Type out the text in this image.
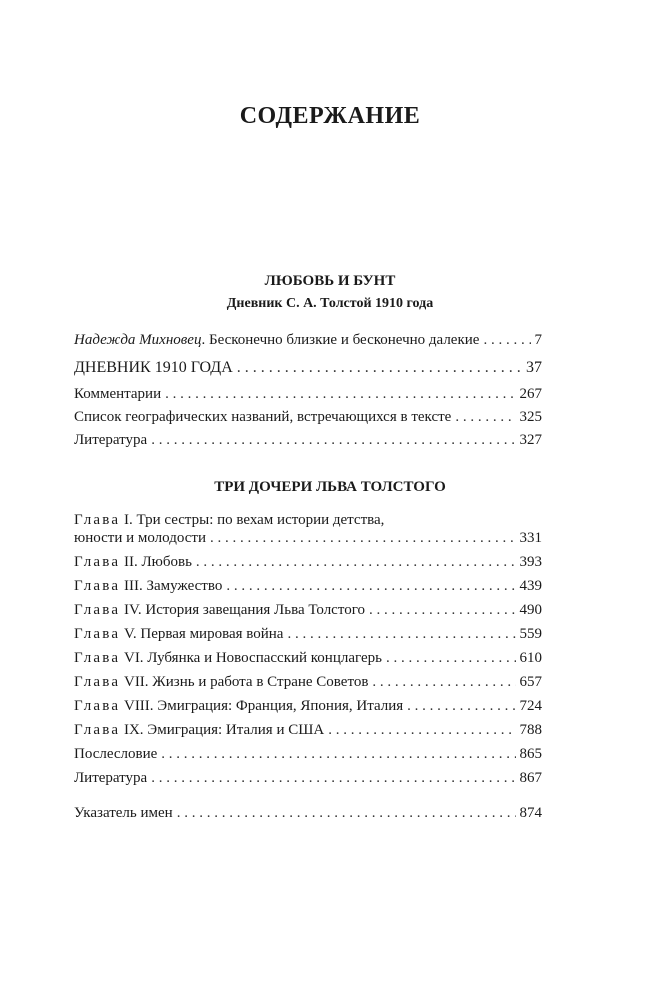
СОДЕРЖАНИЕ
ЛЮБОВЬ И БУНТ
Дневник С. А. Толстой 1910 года
Надежда Михновец. Бесконечно близкие и бесконечно далекие . . .	7
ДНЕВНИК 1910 ГОДА . . .	37
Комментарии . . .	267
Список географических названий, встречающихся в тексте . . .	325
Литература . . .	327
ТРИ ДОЧЕРИ ЛЬВА ТОЛСТОГО
Глава I. Три сестры: по вехам истории детства,
юности и молодости . . .	331
Глава II. Любовь . . .	393
Глава III. Замужество . . .	439
Глава IV. История завещания Льва Толстого . . .	490
Глава V. Первая мировая война . . .	559
Глава VI. Лубянка и Новоспасский концлагерь . . .	610
Глава VII. Жизнь и работа в Стране Советов . . .	657
Глава VIII. Эмиграция: Франция, Япония, Италия . . .	724
Глава IX. Эмиграция: Италия и США . . .	788
Послесловие . . .	865
Литература . . .	867
Указатель имен . . .	874
